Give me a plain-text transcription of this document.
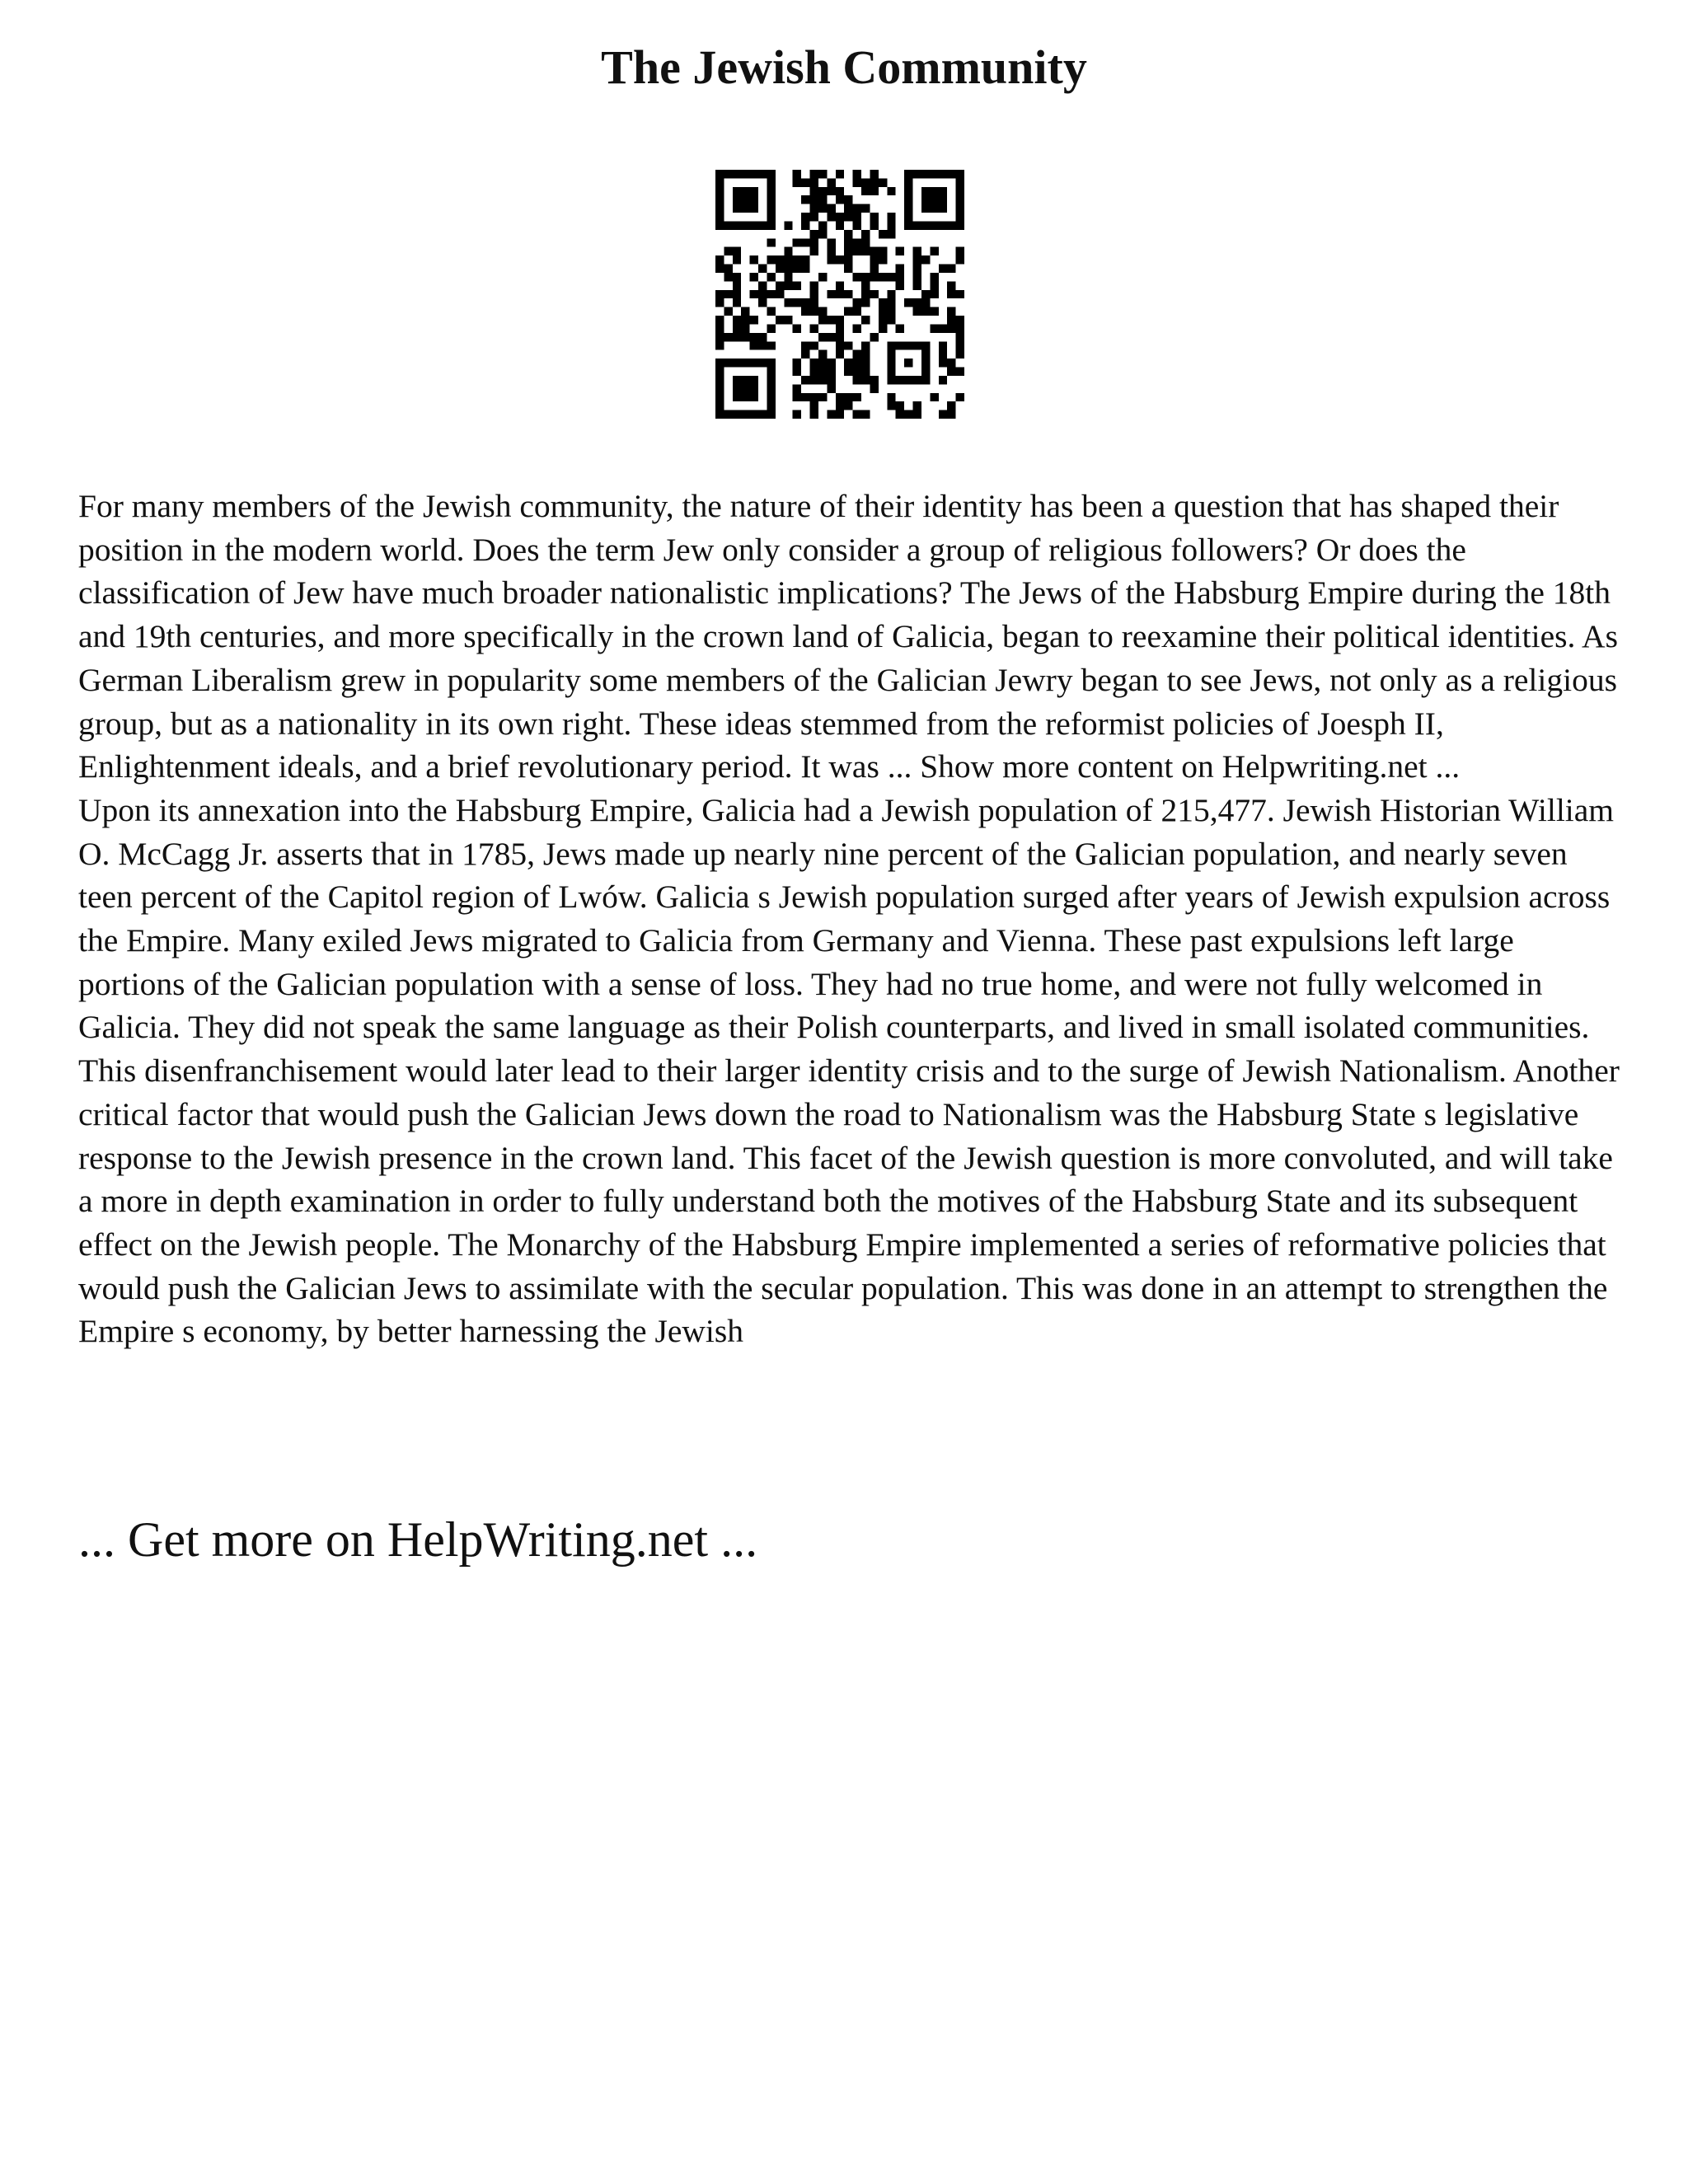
The Jewish Community

For many members of the Jewish community, the nature of their identity has been a question that has shaped their position in the modern world. Does the term Jew only consider a group of religious followers? Or does the classification of Jew have much broader nationalistic implications? The Jews of the Habsburg Empire during the 18th and 19th centuries, and more specifically in the crown land of Galicia, began to reexamine their political identities. As German Liberalism grew in popularity some members of the Galician Jewry began to see Jews, not only as a religious group, but as a nationality in its own right. These ideas stemmed from the reformist policies of Joesph II, Enlightenment ideals, and a brief revolutionary period. It was ... Show more content on Helpwriting.net ...

Upon its annexation into the Habsburg Empire, Galicia had a Jewish population of 215,477. Jewish Historian William O. McCagg Jr. asserts that in 1785, Jews made up nearly nine percent of the Galician population, and nearly seven teen percent of the Capitol region of Lwów. Galicia s Jewish population surged after years of Jewish expulsion across the Empire. Many exiled Jews migrated to Galicia from Germany and Vienna. These past expulsions left large portions of the Galician population with a sense of loss. They had no true home, and were not fully welcomed in Galicia. They did not speak the same language as their Polish counterparts, and lived in small isolated communities. This disenfranchisement would later lead to their larger identity crisis and to the surge of Jewish Nationalism. Another critical factor that would push the Galician Jews down the road to Nationalism was the Habsburg State s legislative response to the Jewish presence in the crown land. This facet of the Jewish question is more convoluted, and will take a more in depth examination in order to fully understand both the motives of the Habsburg State and its subsequent effect on the Jewish people. The Monarchy of the Habsburg Empire implemented a series of reformative policies that would push the Galician Jews to assimilate with the secular population. This was done in an attempt to strengthen the Empire s economy, by better harnessing the Jewish

... Get more on HelpWriting.net ...
